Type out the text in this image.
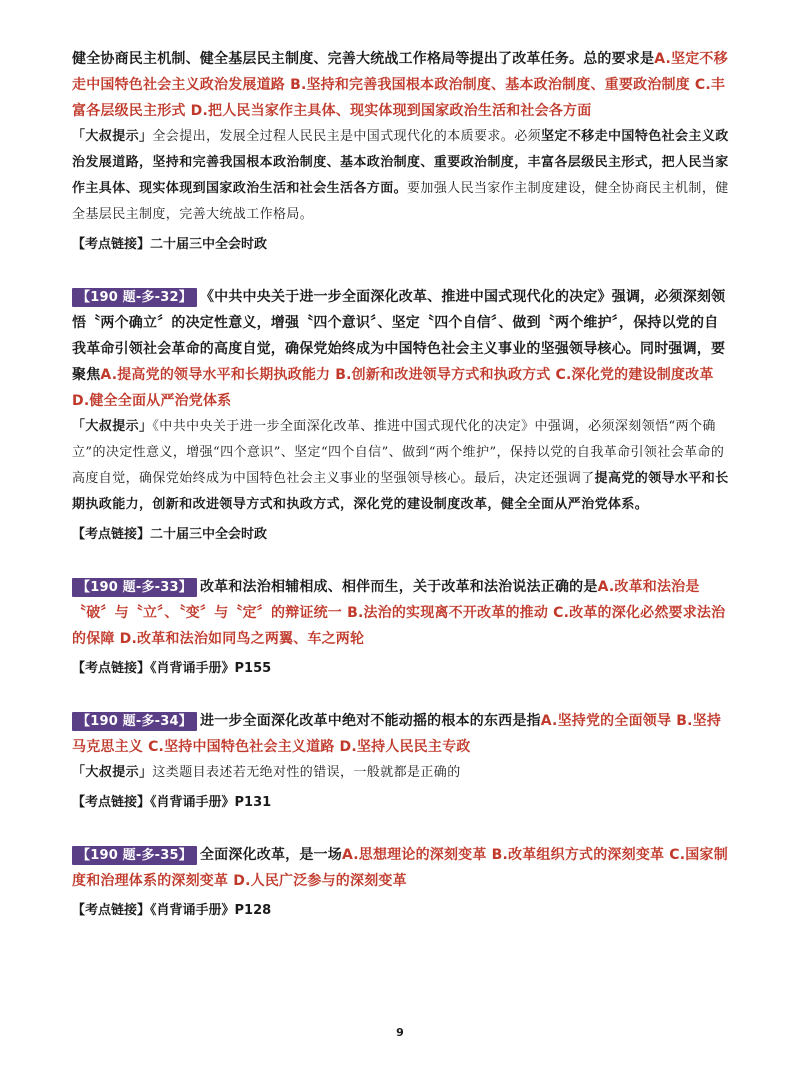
健全协商民主机制、健全基层民主制度、完善大统战工作格局等提出了改革任务。总的要求是A.坚定不移走中国特色社会主义政治发展道路 B.坚持和完善我国根本政治制度、基本政治制度、重要政治制度 C.丰富各层级民主形式 D.把人民当家作主具体、现实体现到国家政治生活和社会各方面

「大叔提示」全会提出，发展全过程人民民主是中国式现代化的本质要求。必须坚定不移走中国特色社会主义政治发展道路，坚持和完善我国根本政治制度、基本政治制度、重要政治制度，丰富各层级民主形式，把人民当家作主具体、现实体现到国家政治生活和社会生活各方面。要加强人民当家作主制度建设，健全协商民主机制，健全基层民主制度，完善大统战工作格局。

【考点链接】二十届三中全会时政

【190 题-多-32】 《中共中央关于进一步全面深化改革、推进中国式现代化的决定》强调，必须深刻领悟〝两个确立〞的决定性意义，增强〝四个意识〞、坚定〝四个自信〞、做到〝两个维护〞，保持以党的自我革命引领社会革命的高度自觉，确保党始终成为中国特色社会主义事业的坚强领导核心。同时强调，要聚焦A.提高党的领导水平和长期执政能力 B.创新和改进领导方式和执政方式 C.深化党的建设制度改革 D.健全全面从严治党体系

「大叔提示」《中共中央关于进一步全面深化改革、推进中国式现代化的决定》中强调，必须深刻领悟“两个确立”的决定性意义，增强“四个意识”、坚定“四个自信”、做到“两个维护”，保持以党的自我革命引领社会革命的高度自觉，确保党始终成为中国特色社会主义事业的坚强领导核心。最后，决定还强调了提高党的领导水平和长期执政能力，创新和改进领导方式和执政方式，深化党的建设制度改革，健全全面从严治党体系。

【考点链接】二十届三中全会时政

【190 题-多-33】 改革和法治相辅相成、相伴而生，关于改革和法治说法正确的是A.改革和法治是〝破〞与〝立〞、〝变〞与〝定〞的辩证统一 B.法治的实现离不开改革的推动 C.改革的深化必然要求法治的保障 D.改革和法治如同鸟之两翼、车之两轮

【考点链接】《肖背诵手册》P155

【190 题-多-34】 进一步全面深化改革中绝对不能动摇的根本的东西是指A.坚持党的全面领导 B.坚持马克思主义 C.坚持中国特色社会主义道路 D.坚持人民民主专政

「大叔提示」这类题目表述若无绝对性的错误，一般就都是正确的

【考点链接】《肖背诵手册》P131

【190 题-多-35】 全面深化改革，是一场A.思想理论的深刻变革 B.改革组织方式的深刻变革 C.国家制度和治理体系的深刻变革 D.人民广泛参与的深刻变革

【考点链接】《肖背诵手册》P128

9
